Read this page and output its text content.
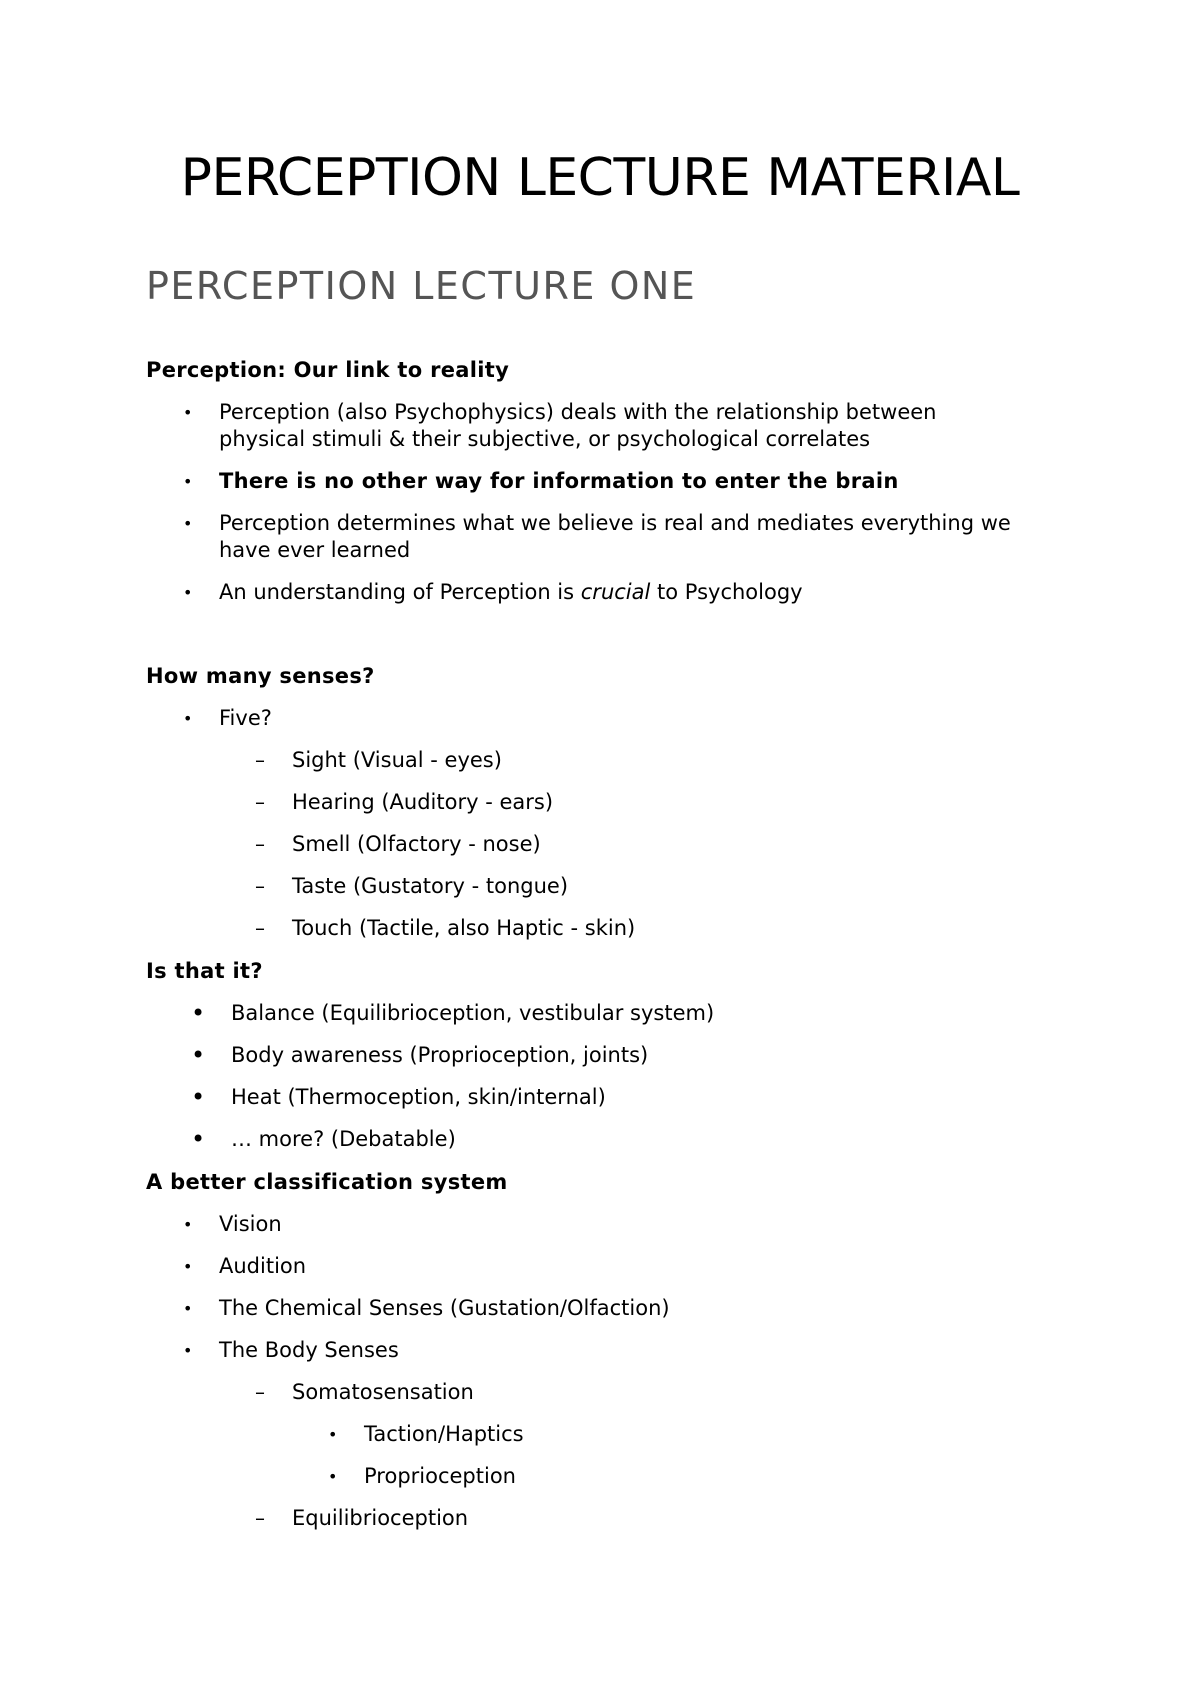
PERCEPTION LECTURE MATERIAL
PERCEPTION LECTURE ONE
Perception: Our link to reality
• Perception (also Psychophysics) deals with the relationship between

physical stimuli & their subjective, or psychological correlates

• There is no other way for information to enter the brain

• Perception determines what we believe is real and mediates everything we

have ever learned

• An understanding of Perception is crucial to Psychology

How many senses?
• Five?

– Sight (Visual - eyes)

– Hearing (Auditory - ears)

– Smell (Olfactory - nose)

– Taste (Gustatory - tongue)

– Touch (Tactile, also Haptic - skin)

Is that it?
• Balance (Equilibrioception, vestibular system)

• Body awareness (Proprioception, joints)

• Heat (Thermoception, skin/internal)

• … more? (Debatable)

A better classification system
• Vision

• Audition

• The Chemical Senses (Gustation/Olfaction)

• The Body Senses

– Somatosensation

• Taction/Haptics

• Proprioception

– Equilibrioception
